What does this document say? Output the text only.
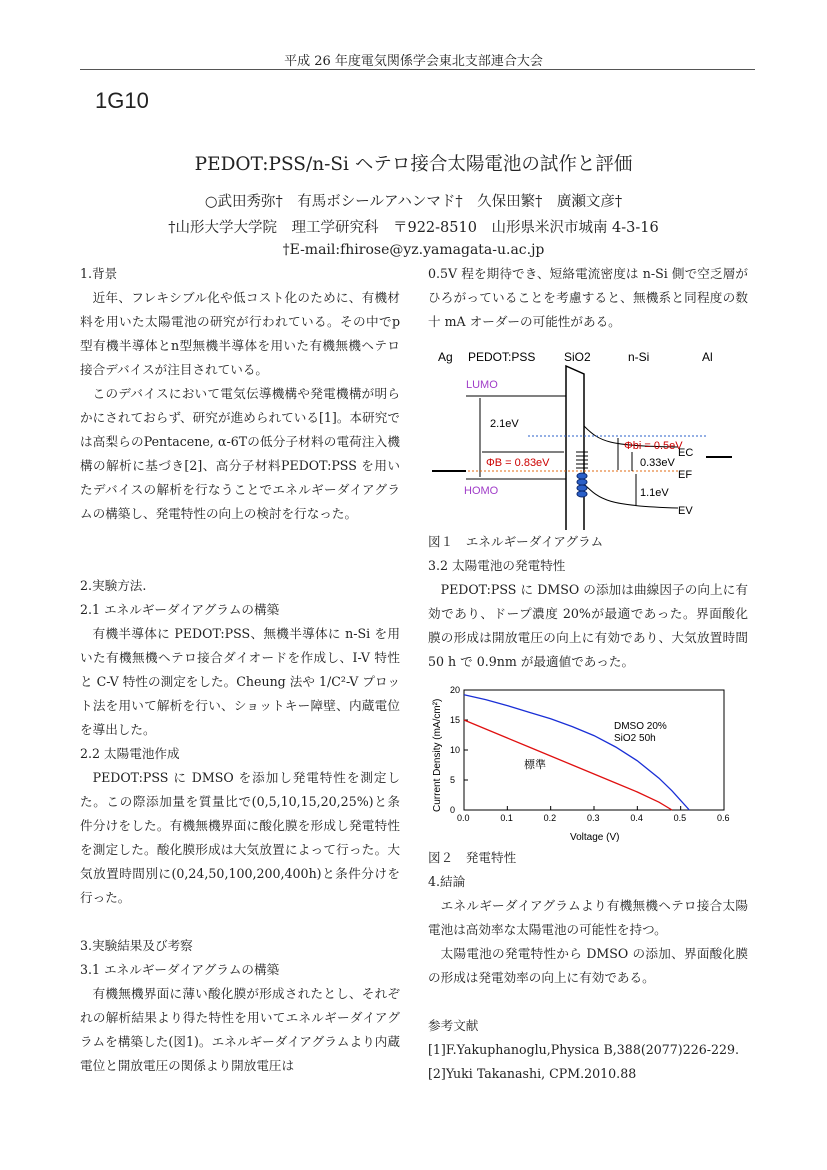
平成 26 年度電気関係学会東北支部連合大会
1G10
PEDOT:PSS/n-Si ヘテロ接合太陽電池の試作と評価
○武田秀弥†　有馬ボシールアハンマド†　久保田繁†　廣瀬文彦†
†山形大学大学院　理工学研究科　〒922-8510　山形県米沢市城南 4-3-16
†E-mail:fhirose@yz.yamagata-u.ac.jp

1.背景

近年、フレキシブル化や低コスト化のために、有機材料を用いた太陽電池の研究が行われている。その中でp型有機半導体とn型無機半導体を用いた有機無機ヘテロ接合デバイスが注目されている。

このデバイスにおいて電気伝導機構や発電機構が明らかにされておらず、研究が進められている[1]。本研究では高梨らのPentacene, α-6Tの低分子材料の電荷注入機構の解析に基づき[2]、高分子材料PEDOT:PSS を用いたデバイスの解析を行なうことでエネルギーダイアグラムの構築し、発電特性の向上の検討を行なった。

2.実験方法.

2.1 エネルギーダイアグラムの構築

有機半導体に PEDOT:PSS、無機半導体に n-Si を用いた有機無機ヘテロ接合ダイオードを作成し、I-V 特性と C-V 特性の測定をした。Cheung 法や 1/C²-V プロット法を用いて解析を行い、ショットキー障壁、内蔵電位を導出した。

2.2 太陽電池作成

PEDOT:PSS に DMSO を添加し発電特性を測定した。この際添加量を質量比で(0,5,10,15,20,25%)と条件分けをした。有機無機界面に酸化膜を形成し発電特性を測定した。酸化膜形成は大気放置によって行った。大気放置時間別に(0,24,50,100,200,400h)と条件分けを行った。

3.実験結果及び考察

3.1 エネルギーダイアグラムの構築

有機無機界面に薄い酸化膜が形成されたとし、それぞれの解析結果より得た特性を用いてエネルギーダイアグラムを構築した(図1)。エネルギーダイアグラムより内蔵電位と開放電圧の関係より開放電圧は

0.5V 程を期待でき、短絡電流密度は n-Si 側で空乏層がひろがっていることを考慮すると、無機系と同程度の数十 mA オーダーの可能性がある。

Ag PEDOT:PSS SiO2	n-Si	Al
LUMO
HOMO
2.1eV
ΦB = 0.83eV
Φbi = 0.5eV
0.33eV
1.1eV
EC
EF
EV

図１　エネルギーダイアグラム

3.2 太陽電池の発電特性

PEDOT:PSS に DMSO の添加は曲線因子の向上に有効であり、ドープ濃度 20%が最適であった。界面酸化膜の形成は開放電圧の向上に有効であり、大気放置時間 50 h で 0.9nm が最適値であった。

0.0	0.1	0.2	0.3	0.4	0.5	0.6
0
5
10
15
20
Voltage (V)
Current Density (mA/cm²)	DMSO 20%
SiO2 50h
標準

図２　発電特性

4.結論

エネルギーダイアグラムより有機無機ヘテロ接合太陽電池は高効率な太陽電池の可能性を持つ。

太陽電池の発電特性から DMSO の添加、界面酸化膜の形成は発電効率の向上に有効である。

参考文献

[1]F.Yakuphanoglu,Physica B,388(2077)226-229.

[2]Yuki Takanashi, CPM.2010.88
